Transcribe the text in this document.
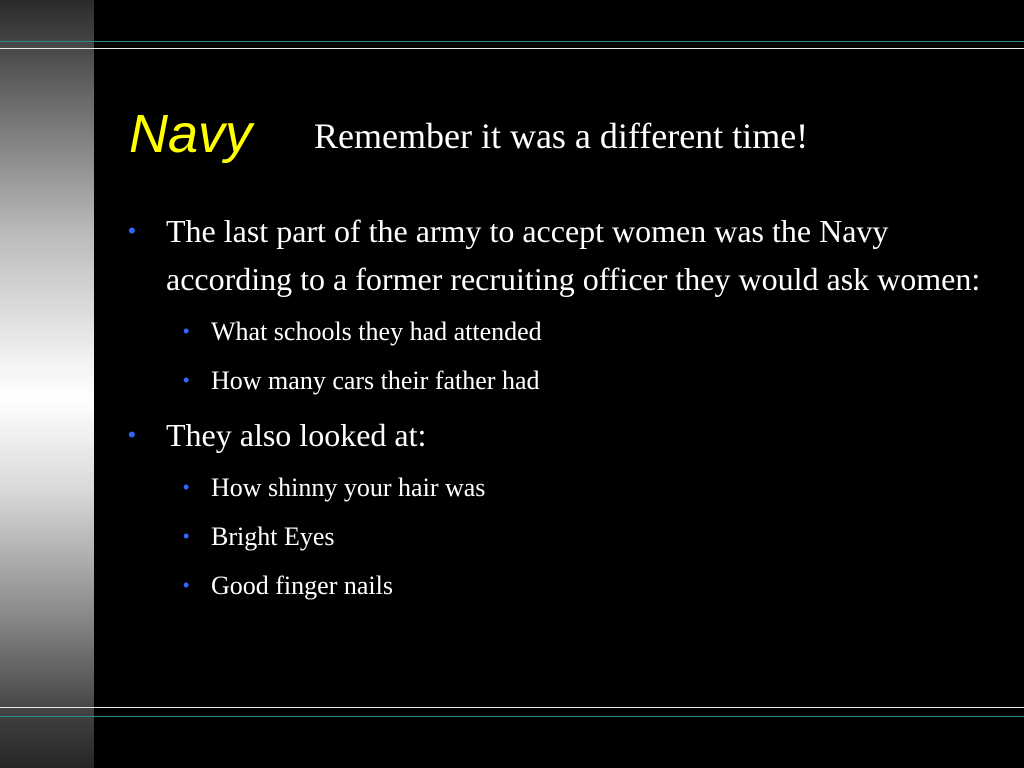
Navy Remember it was a different time!
• The last part of the army to accept women was the Navy according to a former recruiting officer they would ask women:
• What schools they had attended
• How many cars their father had
• They also looked at:
• How shinny your hair was
• Bright Eyes
• Good finger nails
